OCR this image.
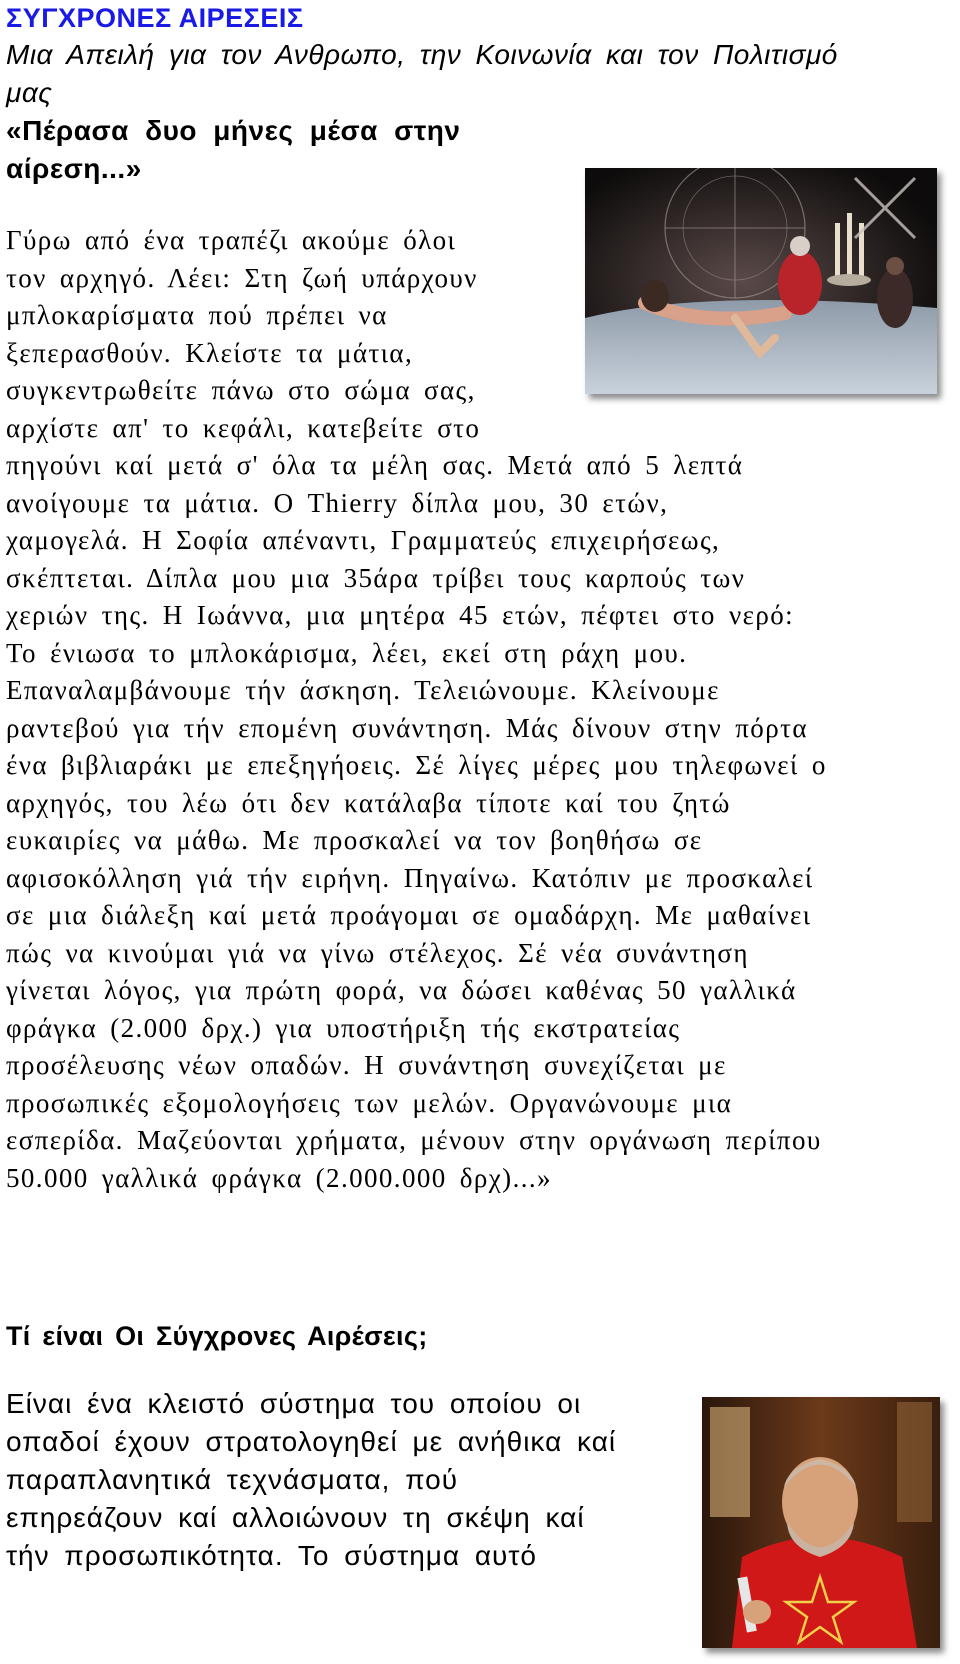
ΣΥΓΧΡΟΝΕΣ ΑΙΡΕΣΕΙΣ

Μια Απειλή για τον Ανθρωπο, την Κοινωνία και τον Πολιτισμό μας

«Πέρασα δυο μήνες μέσα στην αίρεση...»

Γύρω από ένα τραπέζι ακούμε όλοι
τον αρχηγό. Λέει: Στη ζωή υπάρχουν
μπλοκαρίσματα πού πρέπει να
ξεπερασθούν. Κλείστε τα μάτια,
συγκεντρωθείτε πάνω στο σώμα σας,
αρχίστε απ' το κεφάλι, κατεβείτε στο
πηγούνι καί μετά σ' όλα τα μέλη σας. Μετά από 5 λεπτά
ανοίγουμε τα μάτια. Ο Thierry δίπλα μου, 30 ετών,
χαμογελά. Η Σοφία απέναντι, Γραμματεύς επιχειρήσεως,
σκέπτεται. Δίπλα μου μια 35άρα τρίβει τους καρπούς των
χεριών της. Η Ιωάννα, μια μητέρα 45 ετών, πέφτει στο νερό:
Το ένιωσα το μπλοκάρισμα, λέει, εκεί στη ράχη μου.
Επαναλαμβάνουμε τήν άσκηση. Τελειώνουμε. Κλείνουμε
ραντεβού για τήν επομένη συνάντηση. Μάς δίνουν στην πόρτα
ένα βιβλιαράκι με επεξηγήοεις. Σέ λίγες μέρες μου τηλεφωνεί ο
αρχηγός, του λέω ότι δεν κατάλαβα τίποτε καί του ζητώ
ευκαιρίες να μάθω. Με προσκαλεί να τον βοηθήσω σε
αφισοκόλληση γιά τήν ειρήνη. Πηγαίνω. Κατόπιν με προσκαλεί
σε μια διάλεξη καί μετά προάγομαι σε ομαδάρχη. Με μαθαίνει
πώς να κινούμαι γιά να γίνω στέλεχος. Σέ νέα συνάντηση
γίνεται λόγος, για πρώτη φορά, να δώσει καθένας 50 γαλλικά
φράγκα (2.000 δρχ.) για υποστήριξη τής εκστρατείας
προσέλευσης νέων οπαδών. Η συνάντηση συνεχίζεται με
προσωπικές εξομολογήσεις των μελών. Οργανώνουμε μια
εσπερίδα. Μαζεύονται χρήματα, μένουν στην οργάνωση περίπου
50.000 γαλλικά φράγκα (2.000.000 δρχ)...»
Τί είναι Οι Σύγχρονες Αιρέσεις;
Είναι ένα κλειστό σύστημα του οποίου οι
οπαδοί έχουν στρατολογηθεί με ανήθικα καί
παραπλανητικά τεχνάσματα, πού
επηρεάζουν καί αλλοιώνουν τη σκέψη καί
τήν προσωπικότητα. Το σύστημα αυτό
